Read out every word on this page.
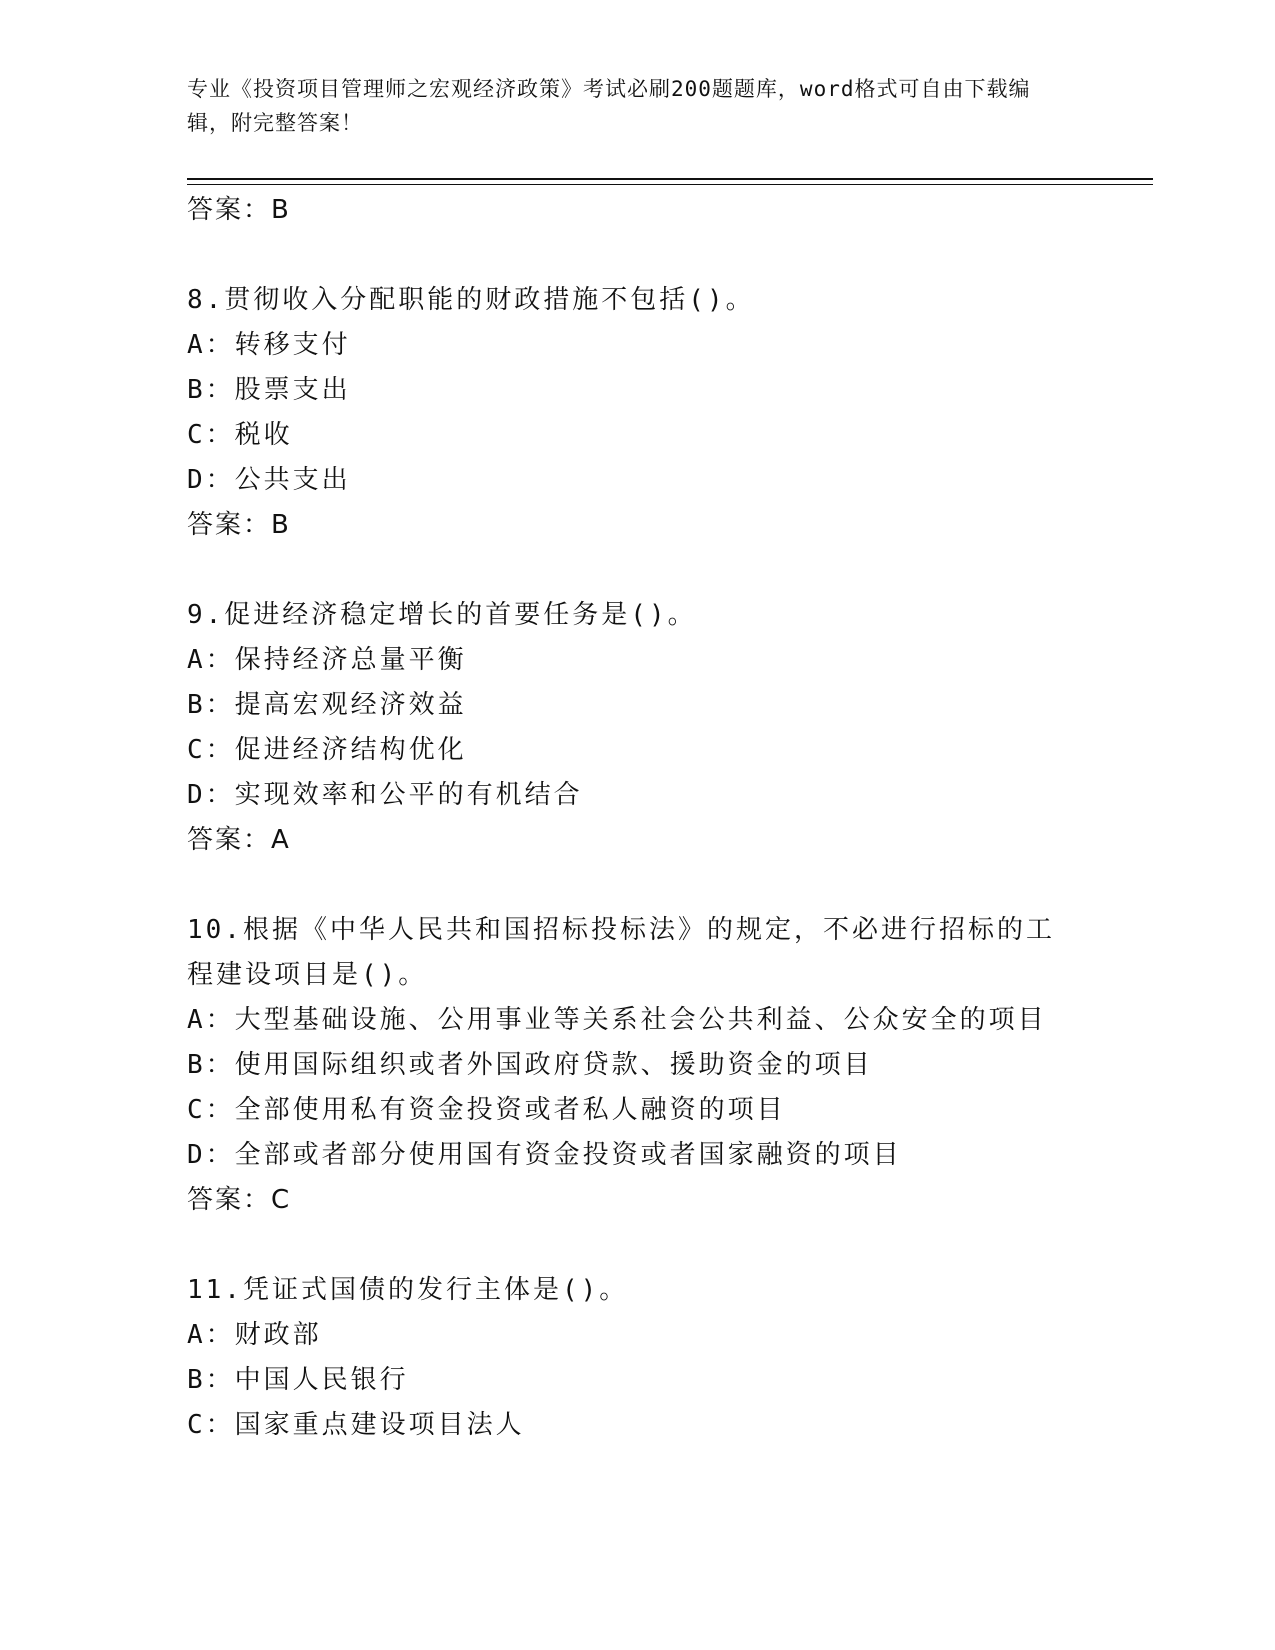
专业《投资项目管理师之宏观经济政策》考试必刷200题题库，word格式可自由下载编辑，附完整答案！
答案：B
8.贯彻收入分配职能的财政措施不包括()。
A：转移支付
B：股票支出
C：税收
D：公共支出
答案：B
9.促进经济稳定增长的首要任务是()。
A：保持经济总量平衡
B：提高宏观经济效益
C：促进经济结构优化
D：实现效率和公平的有机结合
答案：A
10.根据《中华人民共和国招标投标法》的规定，不必进行招标的工程建设项目是()。
A：大型基础设施、公用事业等关系社会公共利益、公众安全的项目
B：使用国际组织或者外国政府贷款、援助资金的项目
C：全部使用私有资金投资或者私人融资的项目
D：全部或者部分使用国有资金投资或者国家融资的项目
答案：C
11.凭证式国债的发行主体是()。
A：财政部
B：中国人民银行
C：国家重点建设项目法人
